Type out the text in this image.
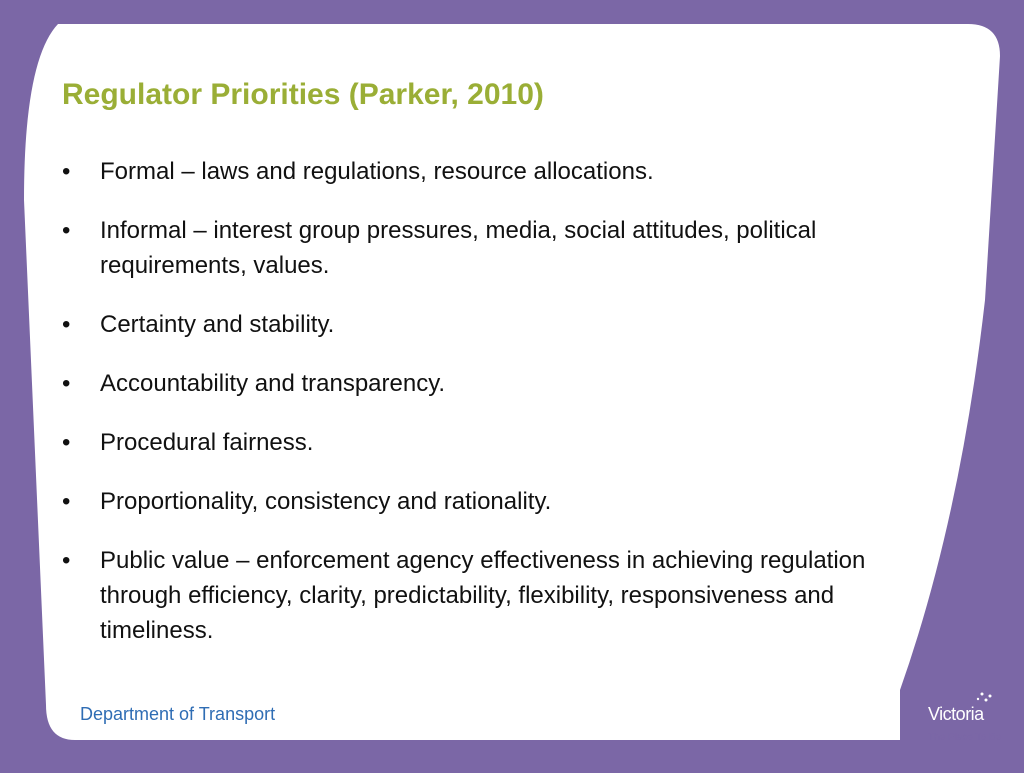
Regulator Priorities (Parker, 2010)
• Formal – laws and regulations, resource allocations.
• Informal – interest group pressures, media, social attitudes, political requirements, values.
• Certainty and stability.
• Accountability and transparency.
• Procedural fairness.
• Proportionality, consistency and rationality.
• Public value – enforcement agency effectiveness in achieving regulation through efficiency, clarity, predictability, flexibility, responsiveness and timeliness.
Department of Transport	Victoria
The Place To Be
